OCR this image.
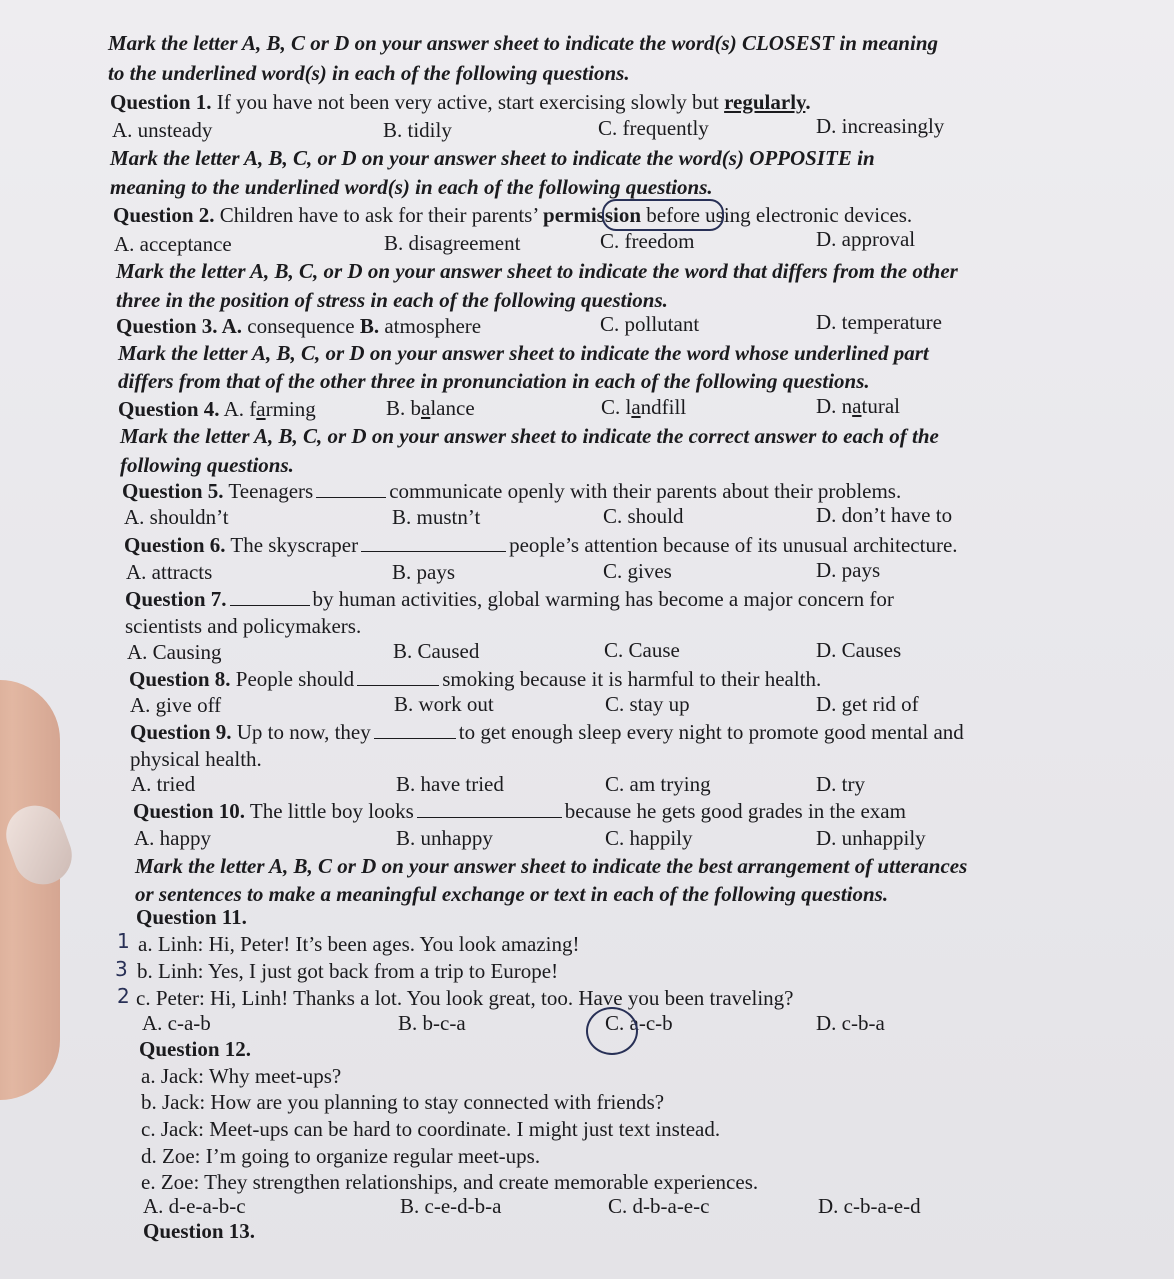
Mark the letter A, B, C or D on your answer sheet to indicate the word(s) CLOSEST in meaning
to the underlined word(s) in each of the following questions.
Question 1. If you have not been very active, start exercising slowly but regularly.
A. unsteady	B. tidily	C. frequently	D. increasingly
Mark the letter A, B, C, or D on your answer sheet to indicate the word(s) OPPOSITE in
meaning to the underlined word(s) in each of the following questions.
Question 2. Children have to ask for their parents’ permission before using electronic devices.
A. acceptance	B. disagreement	C. freedom	D. approval
Mark the letter A, B, C, or D on your answer sheet to indicate the word that differs from the other
three in the position of stress in each of the following questions.
Question 3. A. consequence B. atmosphere	C. pollutant	D. temperature
Mark the letter A, B, C, or D on your answer sheet to indicate the word whose underlined part
differs from that of the other three in pronunciation in each of the following questions.
Question 4. A. farming	B. balance	C. landfill	D. natural
Mark the letter A, B, C, or D on your answer sheet to indicate the correct answer to each of the
following questions.
Question 5. Teenagers	communicate openly with their parents about their problems.
A. shouldn’t	B. mustn’t	C. should	D. don’t have to
Question 6. The skyscraper	people’s attention because of its unusual architecture.
A. attracts	B. pays	C. gives	D. pays
Question 7.	by human activities, global warming has become a major concern for
scientists and policymakers.
A. Causing	B. Caused	C. Cause	D. Causes
Question 8. People should	smoking because it is harmful to their health.
A. give off	B. work out	C. stay up	D. get rid of
Question 9. Up to now, they	to get enough sleep every night to promote good mental and
physical health.
A. tried	B. have tried	C. am trying	D. try
Question 10. The little boy looks	because he gets good grades in the exam
A. happy	B. unhappy	C. happily	D. unhappily
Mark the letter A, B, C or D on your answer sheet to indicate the best arrangement of utterances
or sentences to make a meaningful exchange or text in each of the following questions.
Question 11.
1 a. Linh: Hi, Peter! It’s been ages. You look amazing!
3 b. Linh: Yes, I just got back from a trip to Europe!
2 c. Peter: Hi, Linh! Thanks a lot. You look great, too. Have you been traveling?
A. c-a-b	B. b-c-a	C. a-c-b	D. c-b-a
Question 12.
a. Jack: Why meet-ups?
b. Jack: How are you planning to stay connected with friends?
c. Jack: Meet-ups can be hard to coordinate. I might just text instead.
d. Zoe: I’m going to organize regular meet-ups.
e. Zoe: They strengthen relationships, and create memorable experiences.
A. d-e-a-b-c	B. c-e-d-b-a	C. d-b-a-e-c	D. c-b-a-e-d
Question 13.
